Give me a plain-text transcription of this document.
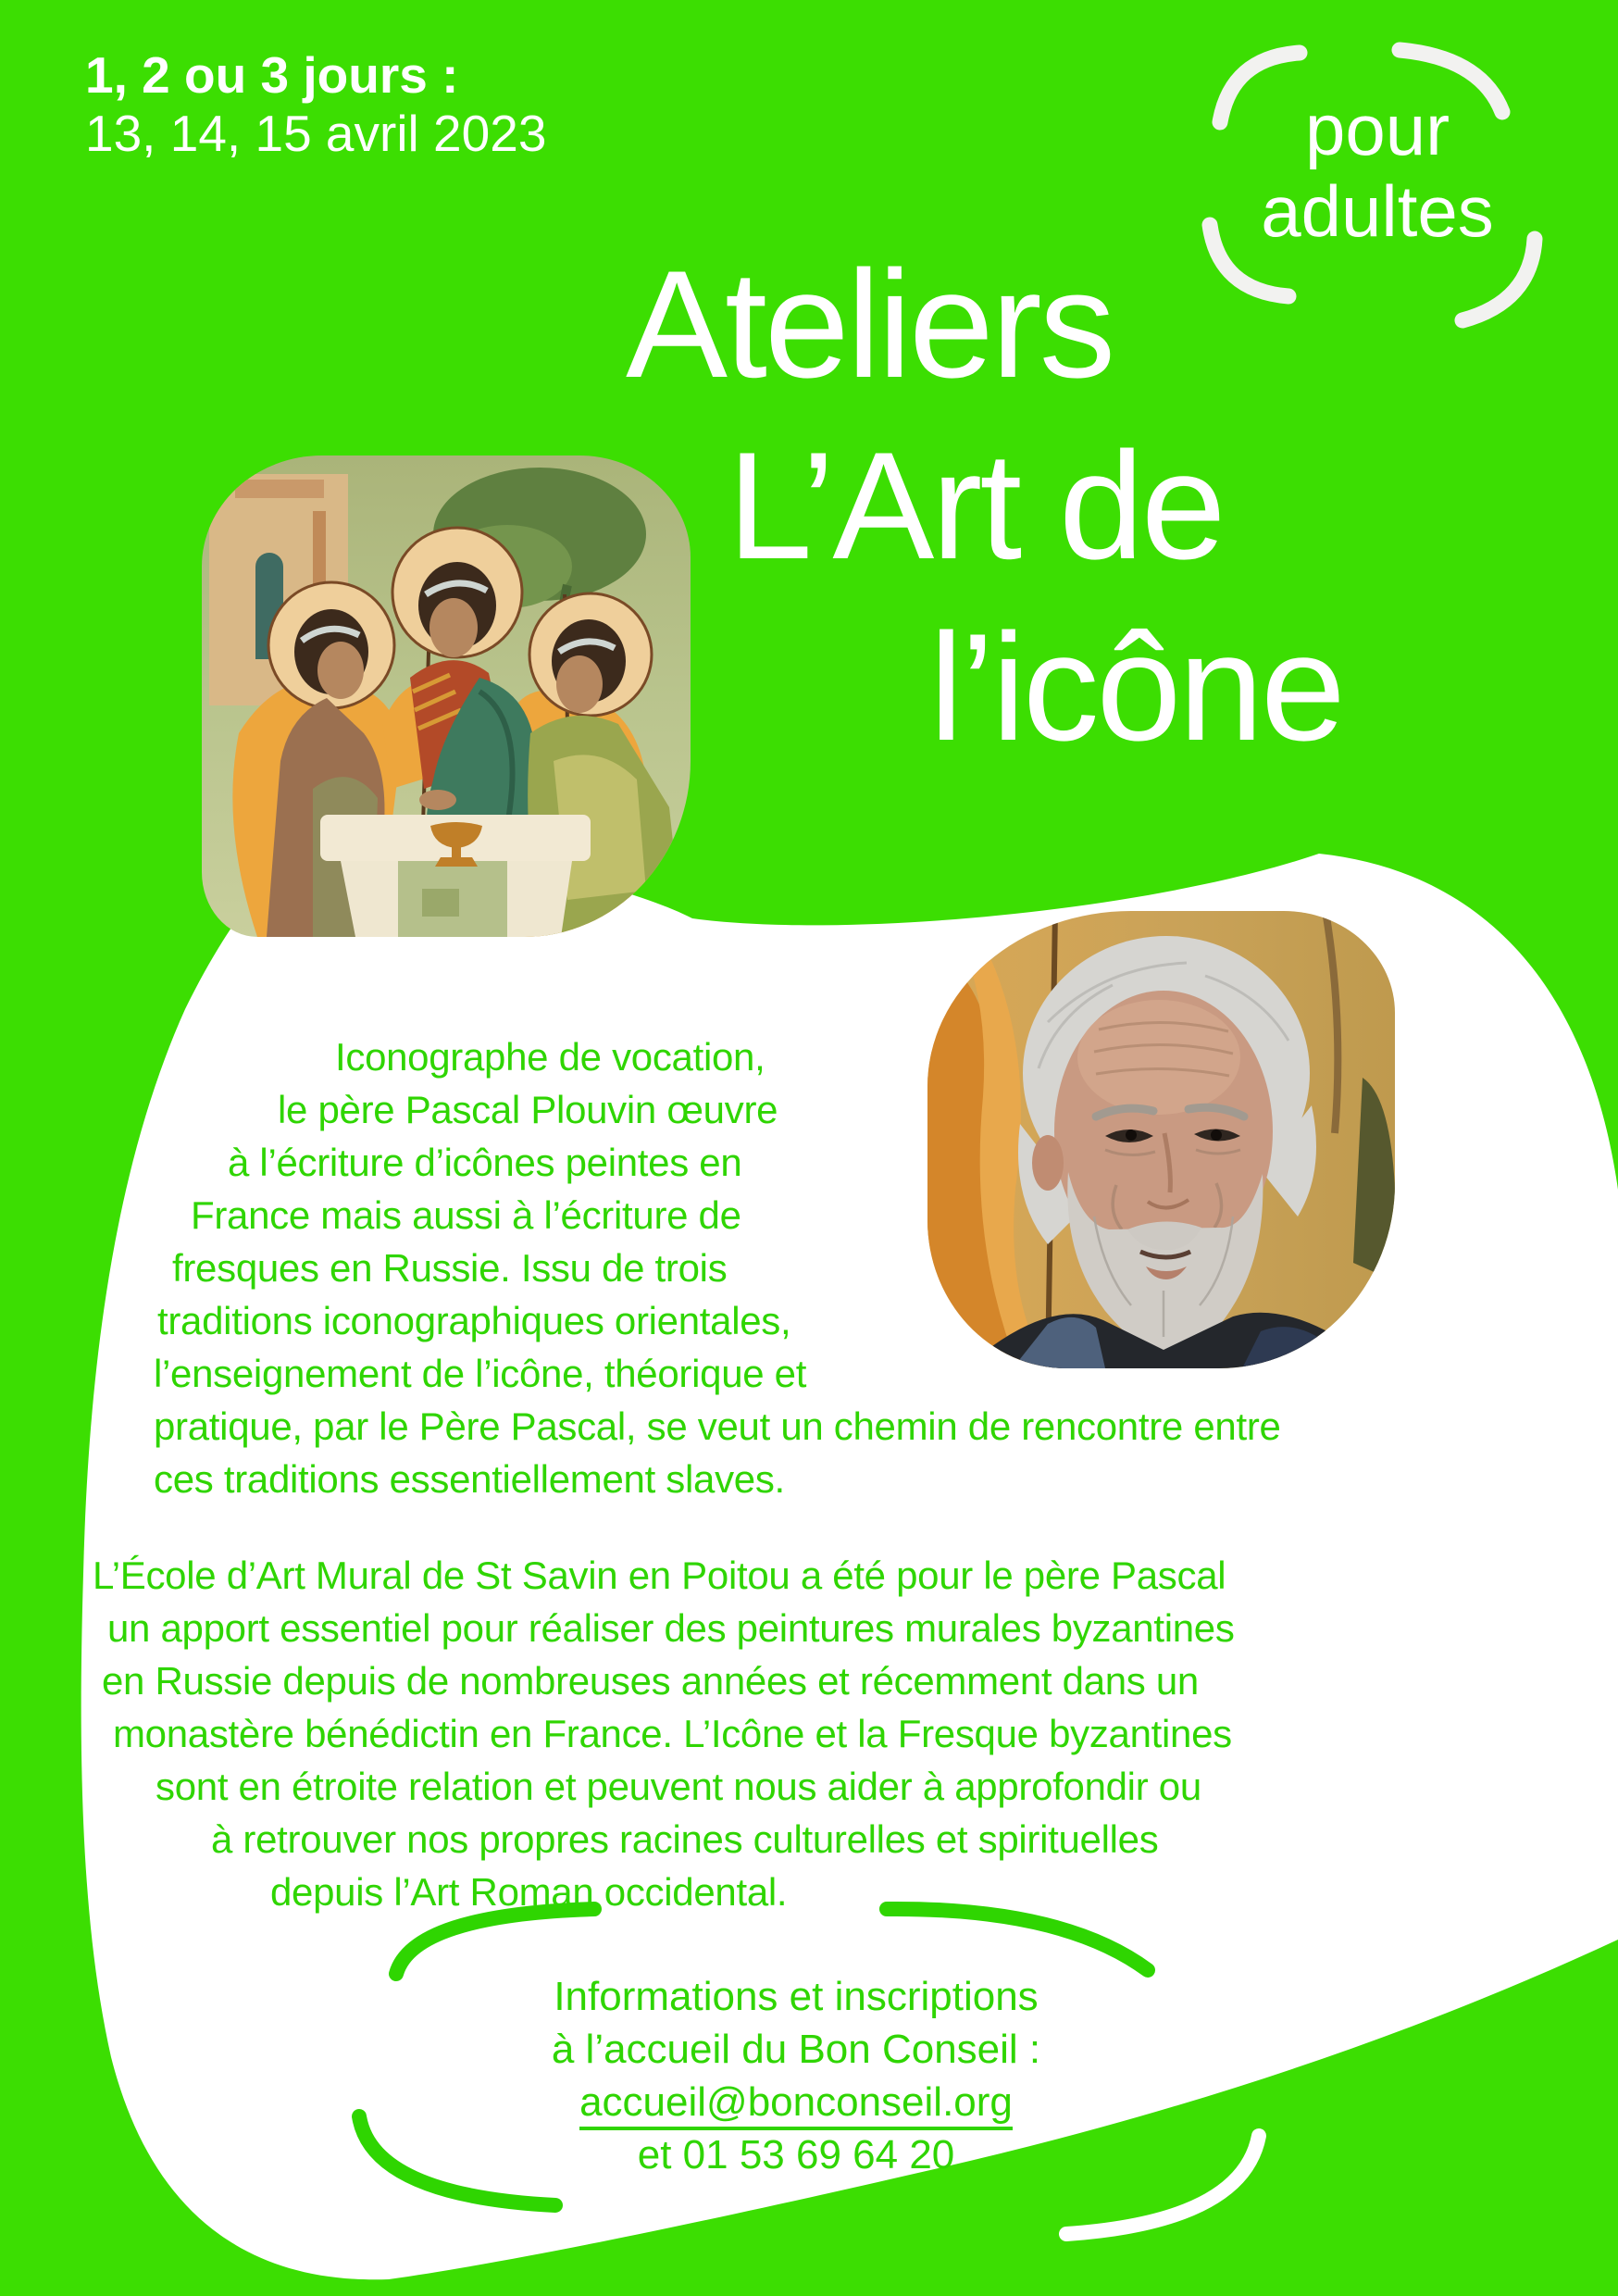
1, 2 ou 3 jours :
13, 14, 15 avril 2023	pour
adultes
Ateliers
L’Art de
l’icône
Iconographe de vocation,
le père Pascal Plouvin œuvre
à l’écriture d’icônes peintes en
France mais aussi à l’écriture de
fresques en Russie. Issu de trois
traditions iconographiques orientales,
l’enseignement de l’icône, théorique et
pratique, par le Père Pascal, se veut un chemin de rencontre entre
ces traditions essentiellement slaves.
L’École d’Art Mural de St Savin en Poitou a été pour le père Pascal
un apport essentiel pour réaliser des peintures murales byzantines
en Russie depuis de nombreuses années et récemment dans un
monastère bénédictin en France. L’Icône et la Fresque byzantines
sont en étroite relation et peuvent nous aider à approfondir ou
à retrouver nos propres racines culturelles et spirituelles
depuis l’Art Roman occidental.
Informations et inscriptions
à l’accueil du Bon Conseil :
accueil@bonconseil.org
et 01 53 69 64 20
